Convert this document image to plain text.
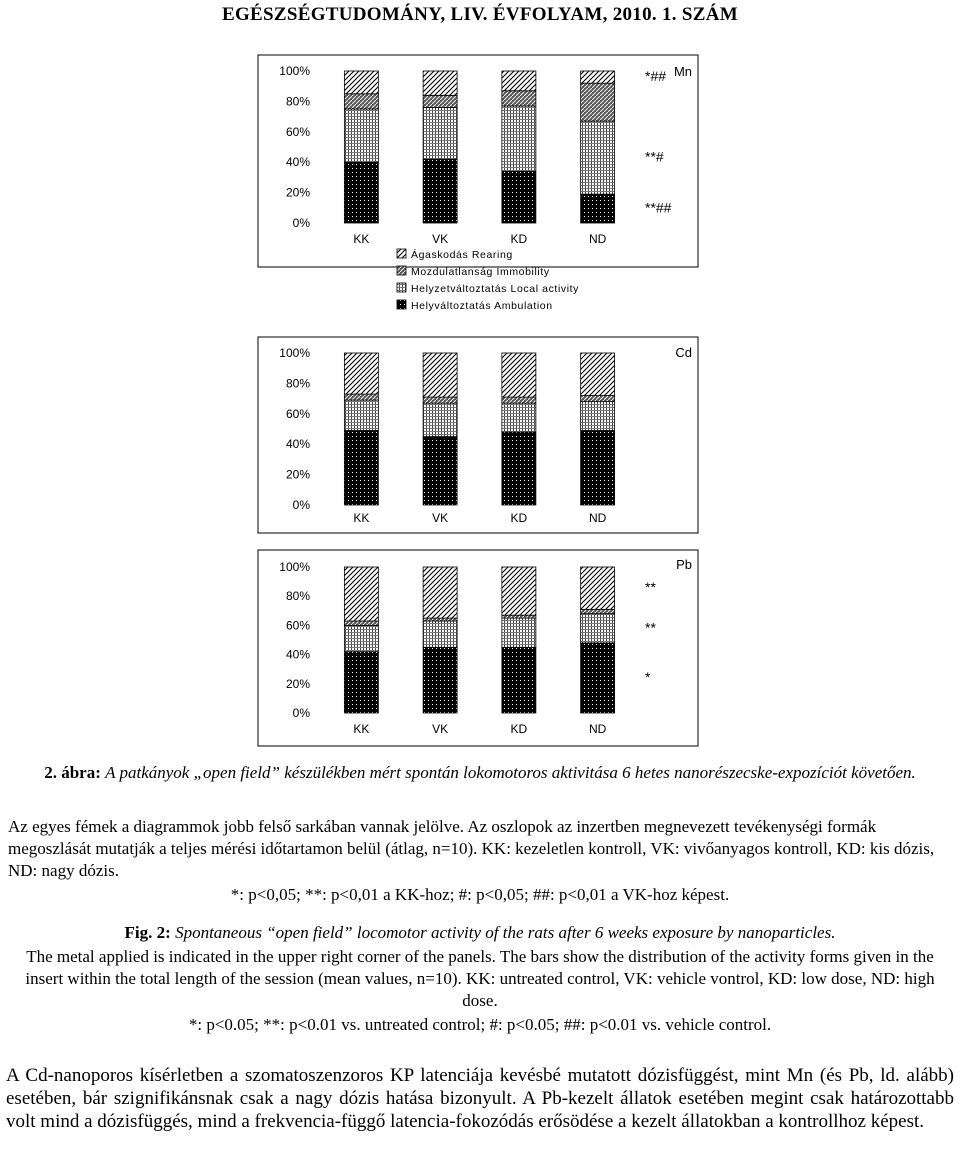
EGÉSZSÉGTUDOMÁNY, LIV. ÉVFOLYAM, 2010. 1. SZÁM
0%
20%
40%
60%
80%
100%
KK	VK	KD	ND
Mn
*##
**#
**##
Ágaskodás Rearing
Mozdulatlanság Immobility
Helyzetváltoztatás Local activity
Helyváltoztatás Ambulation
0%
20%
40%
60%
80%
100%
KK	VK	KD	ND
Cd
0%
20%
40%
60%
80%
100%
KK	VK	KD	ND
Pb
**
**
*
2. ábra: A patkányok „open field” készülékben mért spontán lokomotoros aktivitása 6 hetes nanorészecske-expozíciót követően.
Az egyes fémek a diagrammok jobb felső sarkában vannak jelölve. Az oszlopok az inzertben megnevezett tevékenységi formák megoszlását mutatják a teljes mérési időtartamon belül (átlag, n=10). KK: kezeletlen kontroll, VK: vivőanyagos kontroll, KD: kis dózis, ND: nagy dózis.
*: p<0,05; **: p<0,01 a KK-hoz; #: p<0,05; ##: p<0,01 a VK-hoz képest.
Fig. 2: Spontaneous “open field” locomotor activity of the rats after 6 weeks exposure by nanoparticles.
The metal applied is indicated in the upper right corner of the panels. The bars show the distribution of the activity forms given in the insert within the total length of the session (mean values, n=10). KK: untreated control, VK: vehicle vontrol, KD: low dose, ND: high dose.
*: p<0.05; **: p<0.01 vs. untreated control; #: p<0.05; ##: p<0.01 vs. vehicle control.
A Cd-nanoporos kísérletben a szomatoszenzoros KP latenciája kevésbé mutatott dózisfüggést, mint Mn (és Pb, ld. alább) esetében, bár szignifikánsnak csak a nagy dózis hatása bizonyult. A Pb-kezelt állatok esetében megint csak határozottabb volt mind a dózisfüggés, mind a frekvencia-függő latencia-fokozódás erősödése a kezelt állatokban a kontrollhoz képest.
